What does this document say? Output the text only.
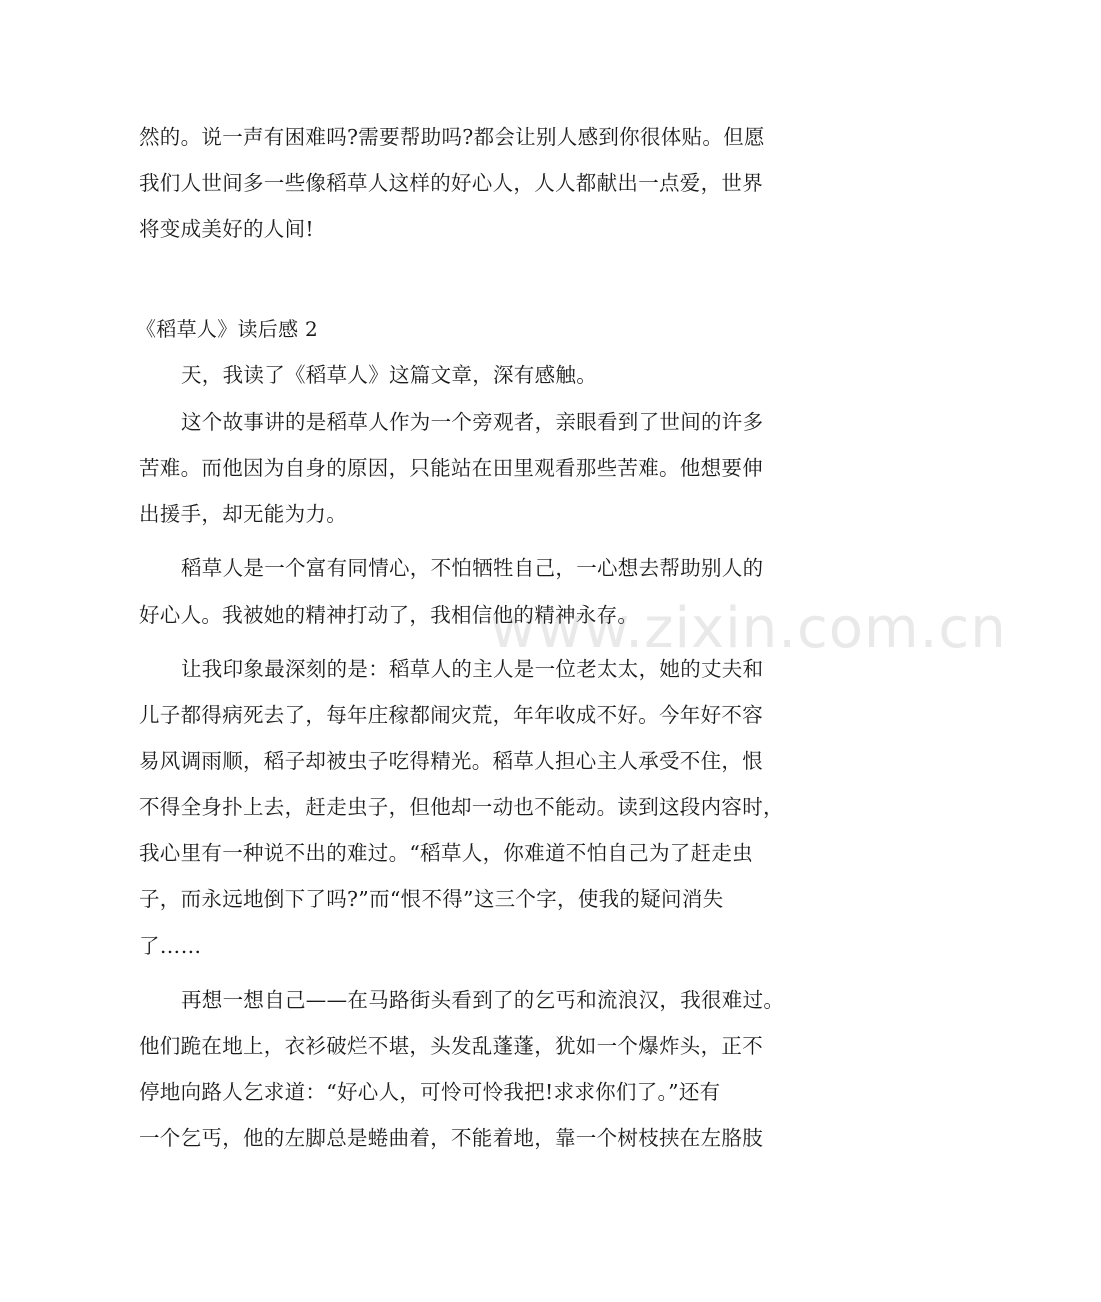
www.zixin.com.cn
然的。说一声有困难吗?需要帮助吗?都会让别人感到你很体贴。但愿
我们人世间多一些像稻草人这样的好心人，人人都献出一点爱，世界
将变成美好的人间!
《稻草人》读后感 2
天，我读了《稻草人》这篇文章，深有感触。
这个故事讲的是稻草人作为一个旁观者，亲眼看到了世间的许多
苦难。而他因为自身的原因，只能站在田里观看那些苦难。他想要伸
出援手，却无能为力。
稻草人是一个富有同情心，不怕牺牲自己，一心想去帮助别人的
好心人。我被她的精神打动了，我相信他的精神永存。
让我印象最深刻的是：稻草人的主人是一位老太太，她的丈夫和
儿子都得病死去了，每年庄稼都闹灾荒，年年收成不好。今年好不容
易风调雨顺，稻子却被虫子吃得精光。稻草人担心主人承受不住，恨
不得全身扑上去，赶走虫子，但他却一动也不能动。读到这段内容时，
我心里有一种说不出的难过。“稻草人，你难道不怕自己为了赶走虫
子，而永远地倒下了吗?”而“恨不得”这三个字，使我的疑问消失
了……
再想一想自己——在马路街头看到了的乞丐和流浪汉，我很难过。
他们跪在地上，衣衫破烂不堪，头发乱蓬蓬，犹如一个爆炸头，正不
停地向路人乞求道：“好心人，可怜可怜我把!求求你们了。”还有
一个乞丐，他的左脚总是蜷曲着，不能着地，靠一个树枝挟在左胳肢
